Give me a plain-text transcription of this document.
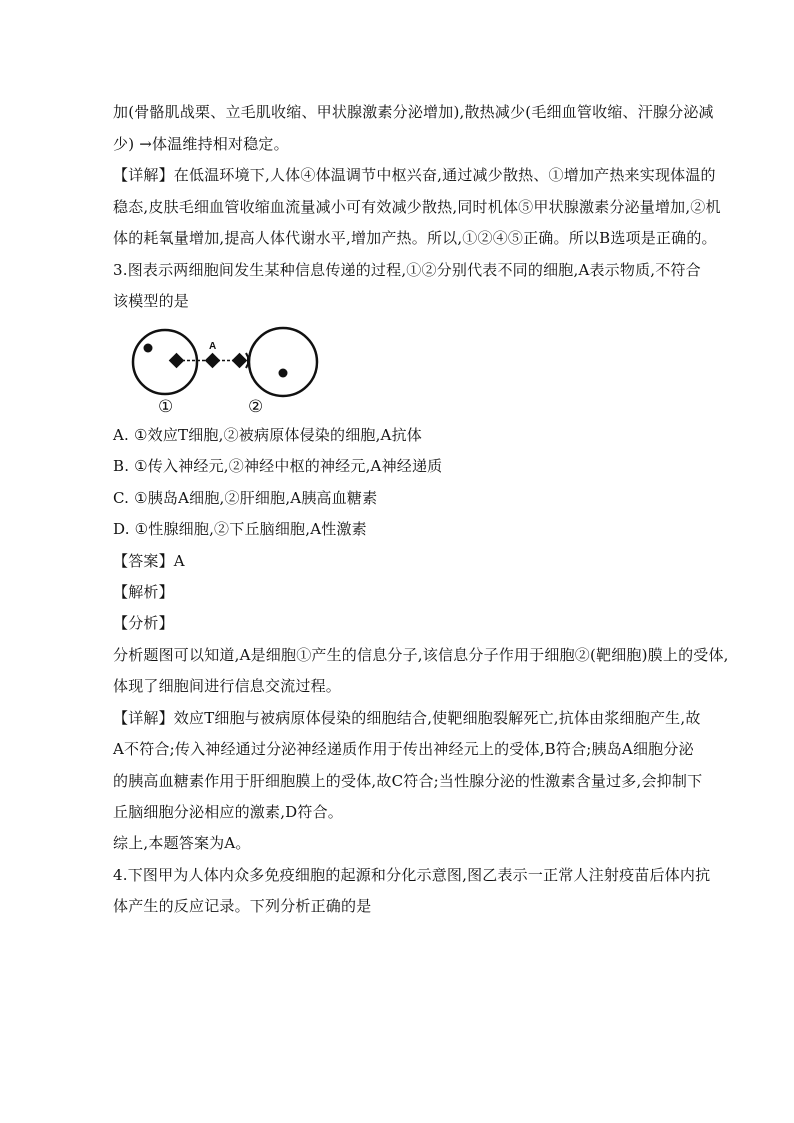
加(骨骼肌战栗、立毛肌收缩、甲状腺激素分泌增加),散热减少(毛细血管收缩、汗腺分泌减
少) →体温维持相对稳定。
【详解】在低温环境下,人体④体温调节中枢兴奋,通过减少散热、①增加产热来实现体温的
稳态,皮肤毛细血管收缩血流量减小可有效减少散热,同时机体⑤甲状腺激素分泌量增加,②机
体的耗氧量增加,提高人体代谢水平,增加产热。所以,①②④⑤正确。所以B选项是正确的。
3.图表示两细胞间发生某种信息传递的过程,①②分别代表不同的细胞,A表示物质,不符合
该模型的是
A
①	②
A. ①效应T细胞,②被病原体侵染的细胞,A抗体
B. ①传入神经元,②神经中枢的神经元,A神经递质
C. ①胰岛A细胞,②肝细胞,A胰高血糖素
D. ①性腺细胞,②下丘脑细胞,A性激素
【答案】A
【解析】
【分析】
分析题图可以知道,A是细胞①产生的信息分子,该信息分子作用于细胞②(靶细胞)膜上的受体,
体现了细胞间进行信息交流过程。
【详解】效应T细胞与被病原体侵染的细胞结合,使靶细胞裂解死亡,抗体由浆细胞产生,故
A不符合;传入神经通过分泌神经递质作用于传出神经元上的受体,B符合;胰岛A细胞分泌
的胰高血糖素作用于肝细胞膜上的受体,故C符合;当性腺分泌的性激素含量过多,会抑制下
丘脑细胞分泌相应的激素,D符合。
综上,本题答案为A。
4.下图甲为人体内众多免疫细胞的起源和分化示意图,图乙表示一正常人注射疫苗后体内抗
体产生的反应记录。下列分析正确的是
